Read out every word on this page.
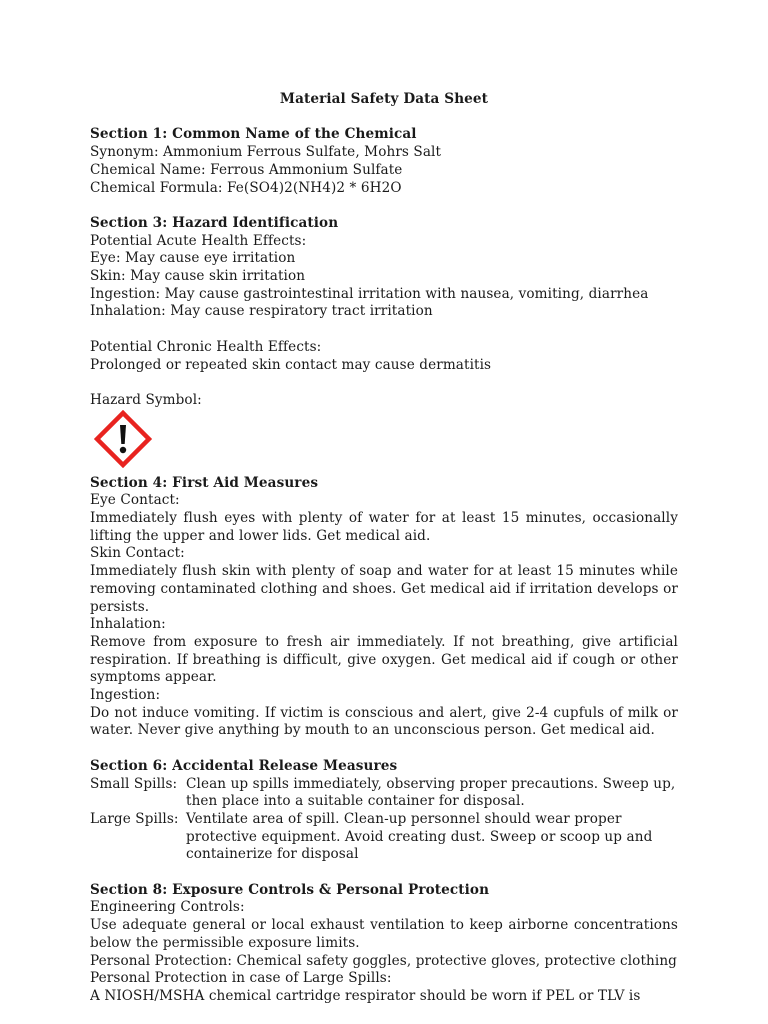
Material Safety Data Sheet
Section 1: Common Name of the Chemical
Synonym: Ammonium Ferrous Sulfate, Mohrs Salt
Chemical Name: Ferrous Ammonium Sulfate
Chemical Formula: Fe(SO4)2(NH4)2 * 6H2O
Section 3: Hazard Identification
Potential Acute Health Effects:
Eye: May cause eye irritation
Skin: May cause skin irritation
Ingestion: May cause gastrointestinal irritation with nausea, vomiting, diarrhea
Inhalation: May cause respiratory tract irritation
Potential Chronic Health Effects:
Prolonged or repeated skin contact may cause dermatitis
Hazard Symbol:
Section 4: First Aid Measures
Eye Contact:
Immediately flush eyes with plenty of water for at least 15 minutes, occasionally lifting the upper and lower lids. Get medical aid.
Skin Contact:
Immediately flush skin with plenty of soap and water for at least 15 minutes while removing contaminated clothing and shoes. Get medical aid if irritation develops or persists.
Inhalation:
Remove from exposure to fresh air immediately. If not breathing, give artificial respiration. If breathing is difficult, give oxygen. Get medical aid if cough or other symptoms appear.
Ingestion:
Do not induce vomiting. If victim is conscious and alert, give 2-4 cupfuls of milk or water. Never give anything by mouth to an unconscious person. Get medical aid.
Section 6: Accidental Release Measures
Small Spills: Clean up spills immediately, observing proper precautions. Sweep up, then place into a suitable container for disposal.
Large Spills: Ventilate area of spill. Clean-up personnel should wear proper protective equipment. Avoid creating dust. Sweep or scoop up and containerize for disposal
Section 8: Exposure Controls & Personal Protection
Engineering Controls:
Use adequate general or local exhaust ventilation to keep airborne concentrations below the permissible exposure limits.
Personal Protection: Chemical safety goggles, protective gloves, protective clothing
Personal Protection in case of Large Spills:
A NIOSH/MSHA chemical cartridge respirator should be worn if PEL or TLV is
